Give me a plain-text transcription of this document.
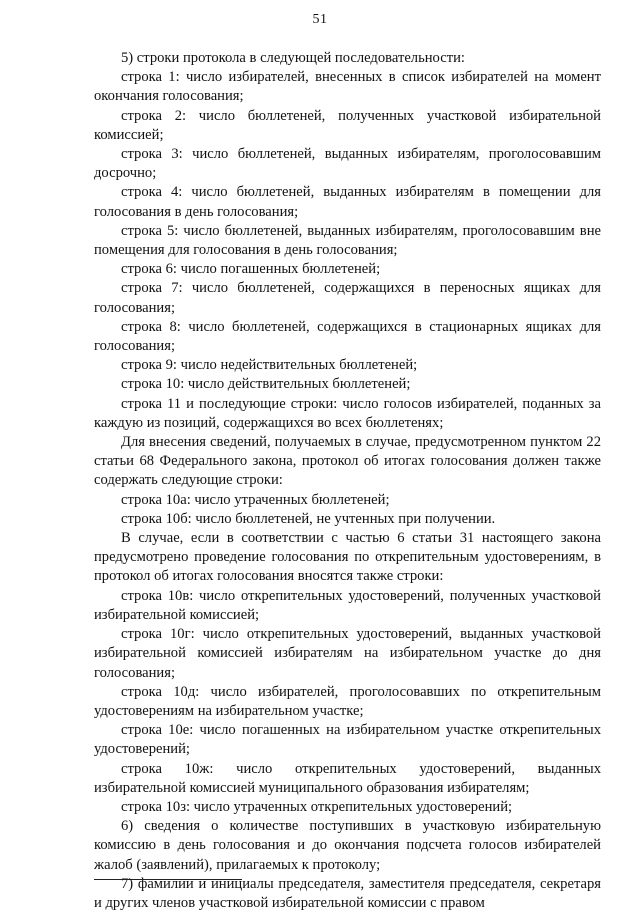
51

5) строки протокола в следующей последовательности:

строка 1: число избирателей, внесенных в список избирателей на момент окончания голосования;

строка 2: число бюллетеней, полученных участковой избирательной комиссией;

строка 3: число бюллетеней, выданных избирателям, проголосовавшим досрочно;

строка 4: число бюллетеней, выданных избирателям в помещении для голосования в день голосования;

строка 5: число бюллетеней, выданных избирателям, проголосовавшим вне помещения для голосования в день голосования;

строка 6: число погашенных бюллетеней;

строка 7: число бюллетеней, содержащихся в переносных ящиках для голосования;

строка 8: число бюллетеней, содержащихся в стационарных ящиках для голосования;

строка 9: число недействительных бюллетеней;

строка 10: число действительных бюллетеней;

строка 11 и последующие строки: число голосов избирателей, поданных за каждую из позиций, содержащихся во всех бюллетенях;

Для внесения сведений, получаемых в случае, предусмотренном пунктом 22 статьи 68 Федерального закона, протокол об итогах голосования должен также содержать следующие строки:

строка 10а: число утраченных бюллетеней;

строка 10б: число бюллетеней, не учтенных при получении.

В случае, если в соответствии с частью 6 статьи 31 настоящего закона предусмотрено проведение голосования по открепительным удостоверениям, в протокол об итогах голосования вносятся также строки:

строка 10в: число открепительных удостоверений, полученных участковой избирательной комиссией;

строка 10г: число открепительных удостоверений, выданных участковой избирательной комиссией избирателям на избирательном участке до дня голосования;

строка 10д: число избирателей, проголосовавших по открепительным удостоверениям на избирательном участке;

строка 10е: число погашенных на избирательном участке открепительных удостоверений;

строка 10ж: число открепительных удостоверений, выданных избирательной комиссией муниципального образования избирателям;

строка 10з: число утраченных открепительных удостоверений;

6) сведения о количестве поступивших в участковую избирательную комиссию в день голосования и до окончания подсчета голосов избирателей жалоб (заявлений), прилагаемых к протоколу;

7) фамилии и инициалы председателя, заместителя председателя, секретаря и других членов участковой избирательной комиссии с правом
